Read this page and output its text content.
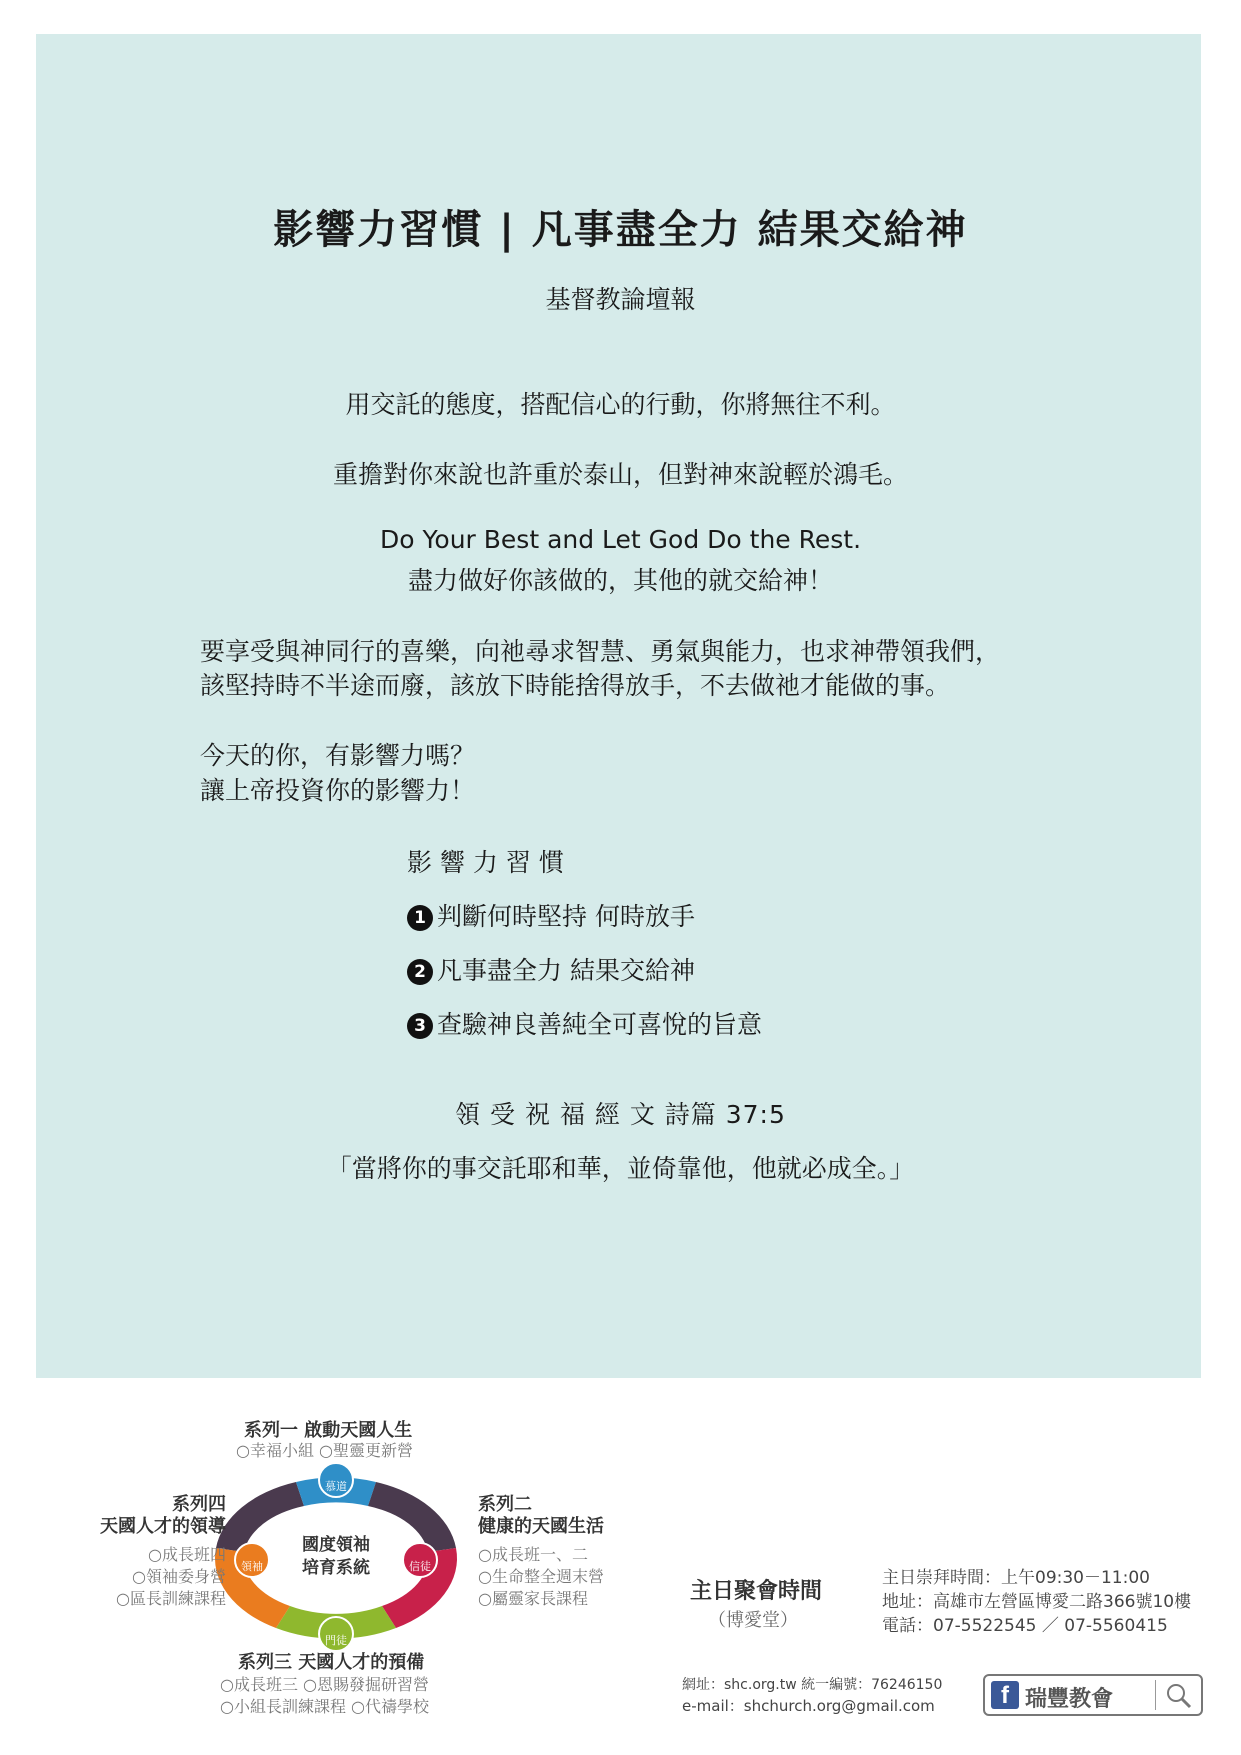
影響力習慣 | 凡事盡全力 結果交給神
基督教論壇報
用交託的態度，搭配信心的行動，你將無往不利。
重擔對你來說也許重於泰山，但對神來說輕於鴻毛。
Do Your Best and Let God Do the Rest.
盡力做好你該做的，其他的就交給神！
要享受與神同行的喜樂，向祂尋求智慧、勇氣與能力，也求神帶領我們，
該堅持時不半途而廢，該放下時能捨得放手，不去做祂才能做的事。
今天的你，有影響力嗎？
讓上帝投資你的影響力！
影 響 力 習 慣
1 判斷何時堅持 何時放手
2 凡事盡全力 結果交給神
3 查驗神良善純全可喜悅的旨意
領 受 祝 福 經 文 詩篇 37:5
「當將你的事交託耶和華，並倚靠他，他就必成全。」
慕道
信徒
門徒
領袖
國度領袖
培育系統
系列一 啟動天國人生
○幸福小組 ○聖靈更新營
系列二
健康的天國生活
○成長班一、二
○生命整全週末營
○屬靈家長課程
系列三 天國人才的預備
○成長班三 ○恩賜發掘研習營
○小組長訓練課程 ○代禱學校
系列四
天國人才的領導
○成長班四
○領袖委身營
○區長訓練課程	主日聚會時間
（博愛堂）
主日崇拜時間：上午09:30－11:00
地址：高雄市左營區博愛二路366號10樓
電話：07-5522545 ／ 07-5560415
網址：shc.org.tw 統一編號：76246150
e-mail：shchurch.org@gmail.com	f 瑞豐教會
